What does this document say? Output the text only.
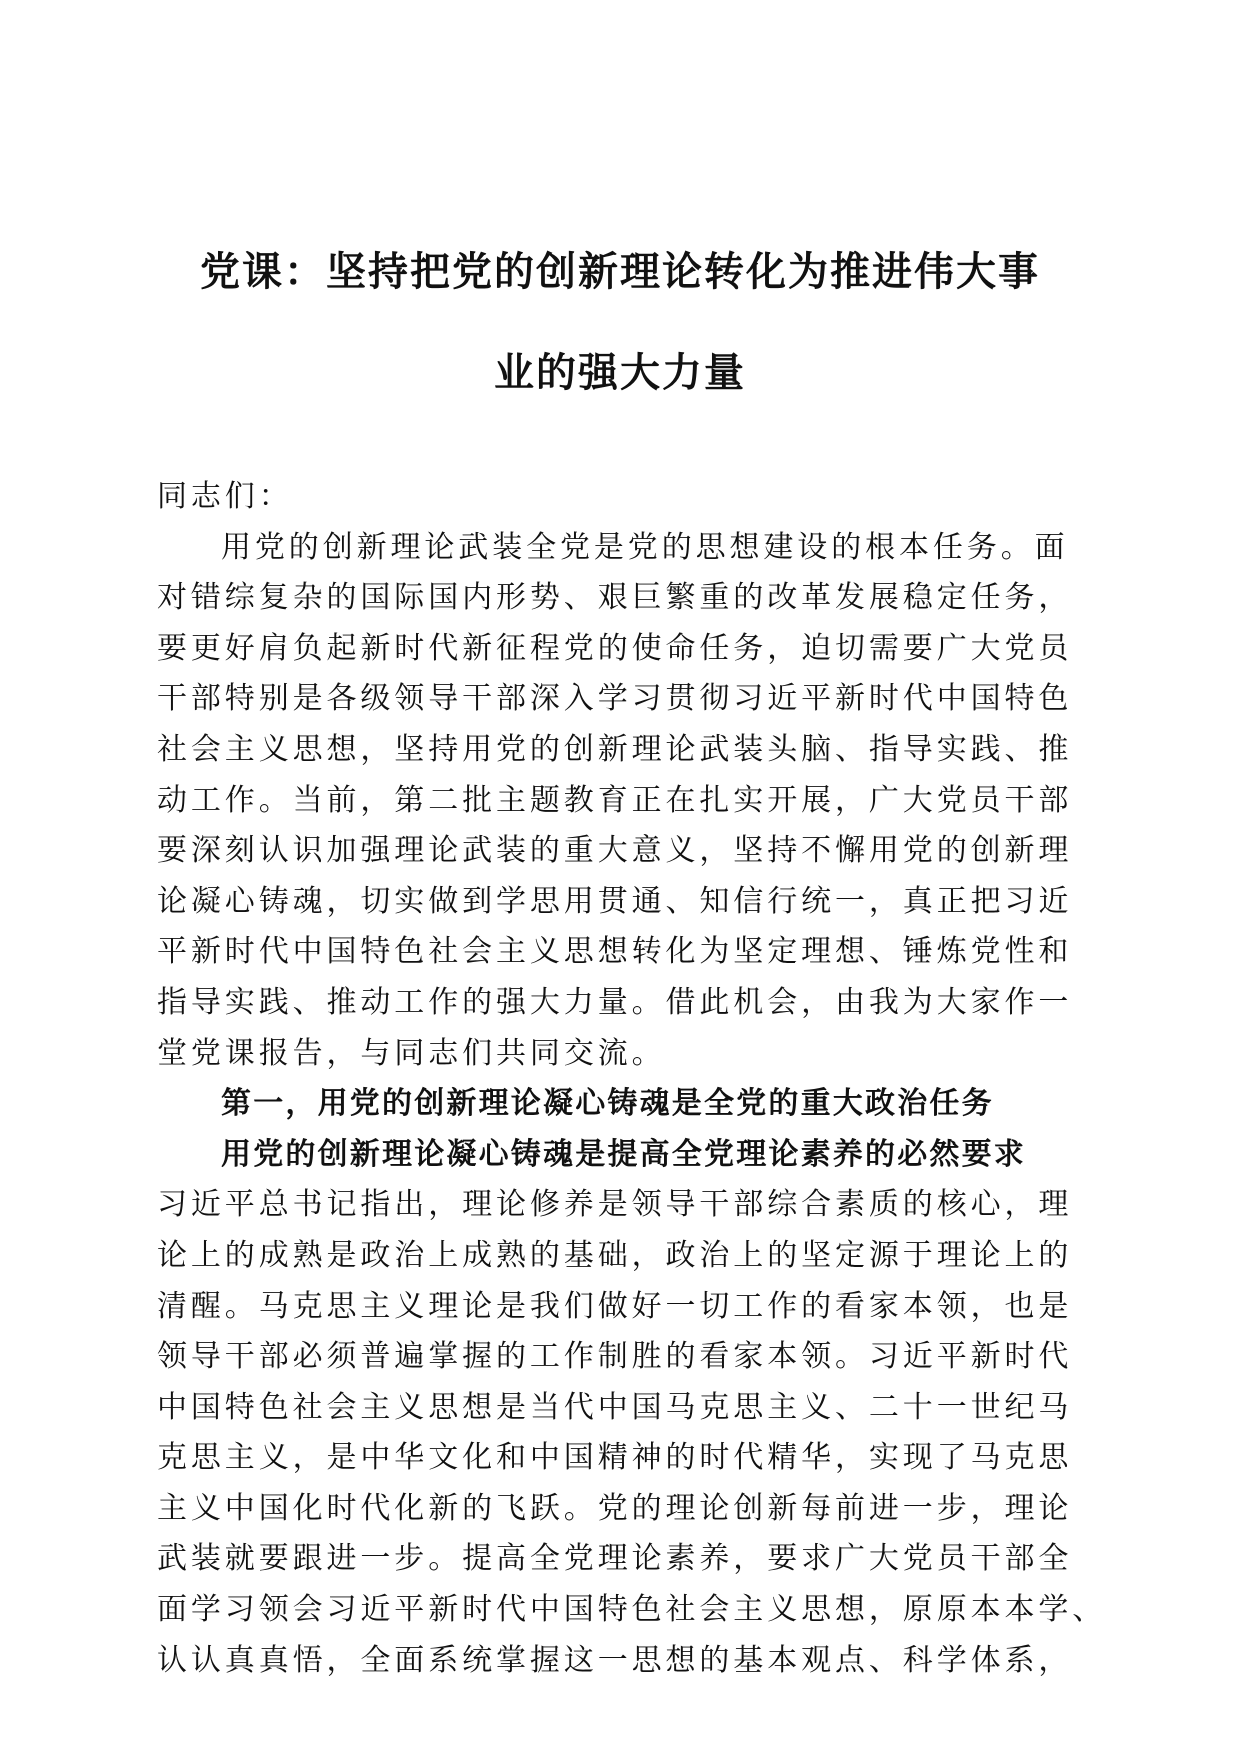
党课：坚持把党的创新理论转化为推进伟大事
业的强大力量
同志们：
用党的创新理论武装全党是党的思想建设的根本任务。面
对错综复杂的国际国内形势、艰巨繁重的改革发展稳定任务，
要更好肩负起新时代新征程党的使命任务，迫切需要广大党员
干部特别是各级领导干部深入学习贯彻习近平新时代中国特色
社会主义思想，坚持用党的创新理论武装头脑、指导实践、推
动工作。当前，第二批主题教育正在扎实开展，广大党员干部
要深刻认识加强理论武装的重大意义，坚持不懈用党的创新理
论凝心铸魂，切实做到学思用贯通、知信行统一，真正把习近
平新时代中国特色社会主义思想转化为坚定理想、锤炼党性和
指导实践、推动工作的强大力量。借此机会，由我为大家作一
堂党课报告，与同志们共同交流。
第一，用党的创新理论凝心铸魂是全党的重大政治任务
用党的创新理论凝心铸魂是提高全党理论素养的必然要求
习近平总书记指出，理论修养是领导干部综合素质的核心，理
论上的成熟是政治上成熟的基础，政治上的坚定源于理论上的
清醒。马克思主义理论是我们做好一切工作的看家本领，也是
领导干部必须普遍掌握的工作制胜的看家本领。习近平新时代
中国特色社会主义思想是当代中国马克思主义、二十一世纪马
克思主义，是中华文化和中国精神的时代精华，实现了马克思
主义中国化时代化新的飞跃。党的理论创新每前进一步，理论
武装就要跟进一步。提高全党理论素养，要求广大党员干部全
面学习领会习近平新时代中国特色社会主义思想，原原本本学、
认认真真悟，全面系统掌握这一思想的基本观点、科学体系，
